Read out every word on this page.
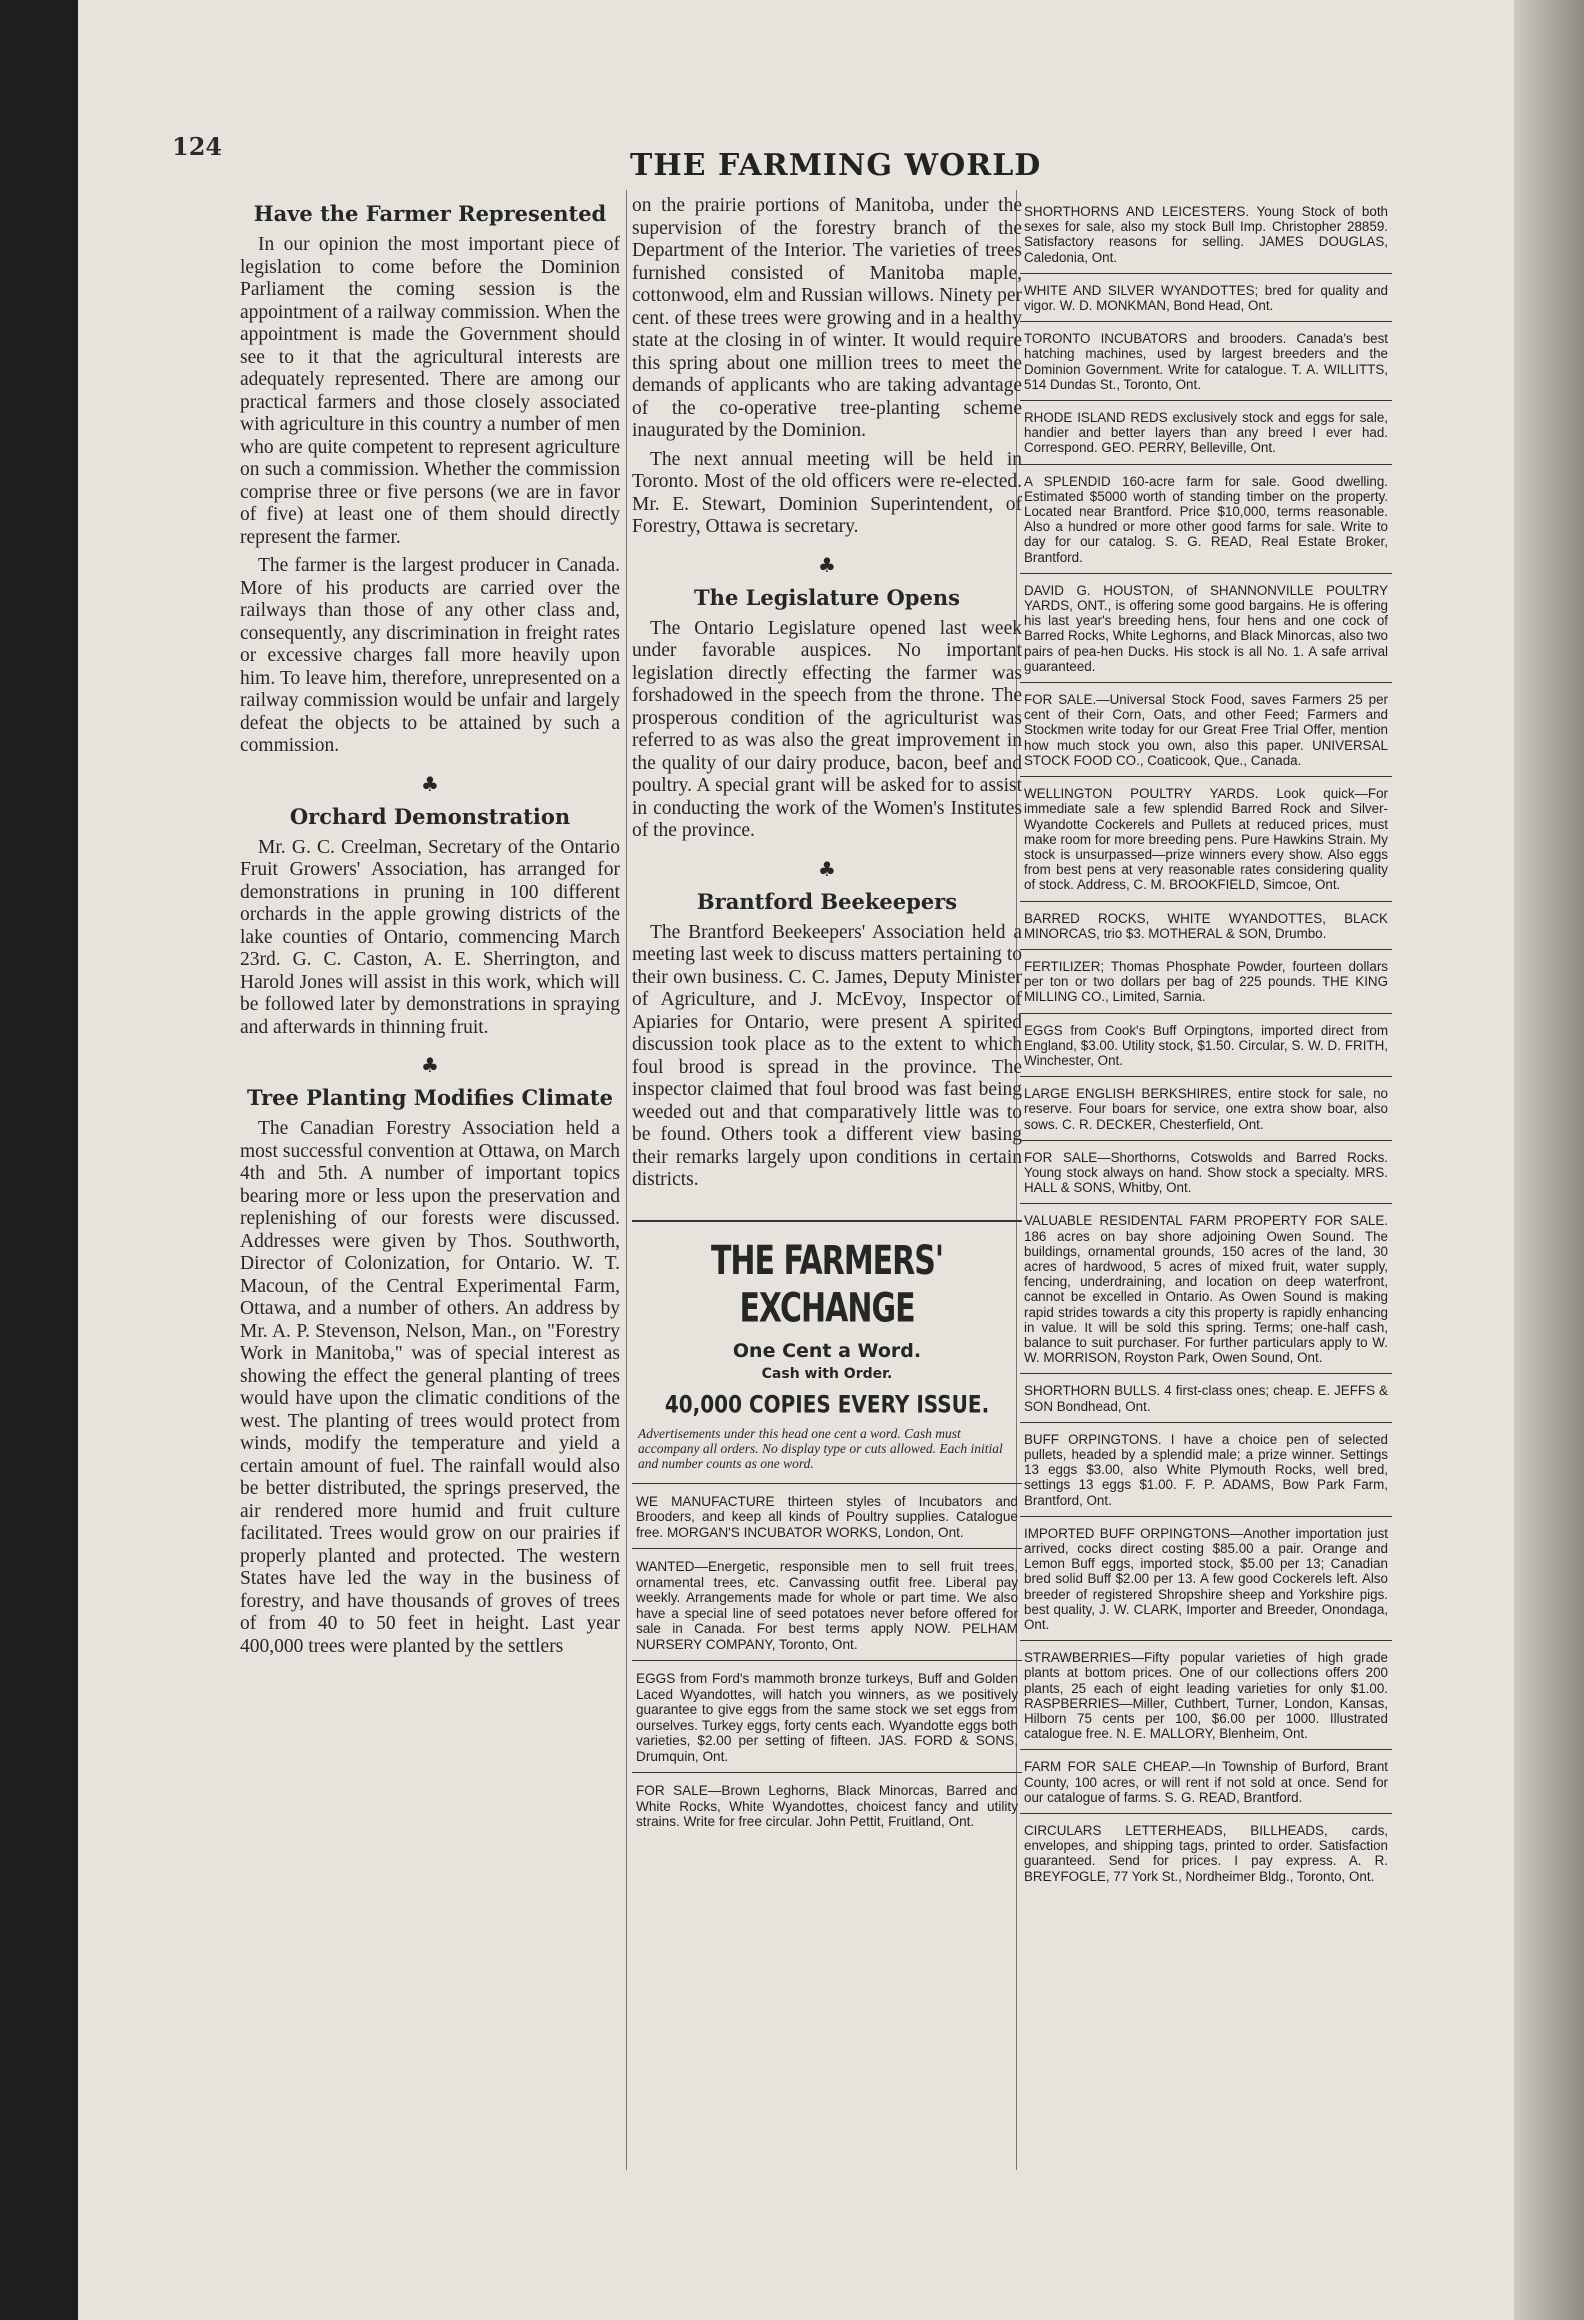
124
THE FARMING WORLD
Have the Farmer Represented

In our opinion the most important piece of legislation to come before the Dominion Parliament the coming session is the appointment of a railway commission. When the appointment is made the Government should see to it that the agricultural interests are adequately represented. There are among our practical farmers and those closely associated with agriculture in this country a number of men who are quite competent to represent agriculture on such a commission. Whether the commission comprise three or five persons (we are in favor of five) at least one of them should directly represent the farmer.

The farmer is the largest producer in Canada. More of his products are carried over the railways than those of any other class and, consequently, any discrimination in freight rates or excessive charges fall more heavily upon him. To leave him, therefore, unrepresented on a railway commission would be unfair and largely defeat the objects to be attained by such a commission.

♣
Orchard Demonstration

Mr. G. C. Creelman, Secretary of the Ontario Fruit Growers' Association, has arranged for demonstrations in pruning in 100 different orchards in the apple growing districts of the lake counties of Ontario, commencing March 23rd. G. C. Caston, A. E. Sherrington, and Harold Jones will assist in this work, which will be followed later by demonstrations in spraying and afterwards in thinning fruit.

♣
Tree Planting Modifies Climate

The Canadian Forestry Association held a most successful convention at Ottawa, on March 4th and 5th. A number of important topics bearing more or less upon the preservation and replenishing of our forests were discussed. Addresses were given by Thos. Southworth, Director of Colonization, for Ontario. W. T. Macoun, of the Central Experimental Farm, Ottawa, and a number of others. An address by Mr. A. P. Stevenson, Nelson, Man., on "Forestry Work in Manitoba," was of special interest as showing the effect the general planting of trees would have upon the climatic conditions of the west. The planting of trees would protect from winds, modify the temperature and yield a certain amount of fuel. The rainfall would also be better distributed, the springs preserved, the air rendered more humid and fruit culture facilitated. Trees would grow on our prairies if properly planted and protected. The western States have led the way in the business of forestry, and have thousands of groves of trees of from 40 to 50 feet in height. Last year 400,000 trees were planted by the settlers

on the prairie portions of Manitoba, under the supervision of the forestry branch of the Department of the Interior. The varieties of trees furnished consisted of Manitoba maple, cottonwood, elm and Russian willows. Ninety per cent. of these trees were growing and in a healthy state at the closing in of winter. It would require this spring about one million trees to meet the demands of applicants who are taking advantage of the co-operative tree-planting scheme inaugurated by the Dominion.

The next annual meeting will be held in Toronto. Most of the old officers were re-elected. Mr. E. Stewart, Dominion Superintendent, of Forestry, Ottawa is secretary.

♣
The Legislature Opens

The Ontario Legislature opened last week under favorable auspices. No important legislation directly effecting the farmer was forshadowed in the speech from the throne. The prosperous condition of the agriculturist was referred to as was also the great improvement in the quality of our dairy produce, bacon, beef and poultry. A special grant will be asked for to assist in conducting the work of the Women's Institutes of the province.

♣
Brantford Beekeepers

The Brantford Beekeepers' Association held a meeting last week to discuss matters pertaining to their own business. C. C. James, Deputy Minister of Agriculture, and J. McEvoy, Inspector of Apiaries for Ontario, were present A spirited discussion took place as to the extent to which foul brood is spread in the province. The inspector claimed that foul brood was fast being weeded out and that comparatively little was to be found. Others took a different view basing their remarks largely upon conditions in certain districts.

THE FARMERS' EXCHANGE
One Cent a Word.
Cash with Order.
40,000 COPIES EVERY ISSUE.
Advertisements under this head one cent a word. Cash must accompany all orders. No display type or cuts allowed. Each initial and number counts as one word.
WE MANUFACTURE thirteen styles of Incubators and Brooders, and keep all kinds of Poultry supplies. Catalogue free. MORGAN'S INCUBATOR WORKS, London, Ont.
WANTED—Energetic, responsible men to sell fruit trees, ornamental trees, etc. Canvassing outfit free. Liberal pay weekly. Arrangements made for whole or part time. We also have a special line of seed potatoes never before offered for sale in Canada. For best terms apply NOW. PELHAM NURSERY COMPANY, Toronto, Ont.
EGGS from Ford's mammoth bronze turkeys, Buff and Golden Laced Wyandottes, will hatch you winners, as we positively guarantee to give eggs from the same stock we set eggs from ourselves. Turkey eggs, forty cents each. Wyandotte eggs both varieties, $2.00 per setting of fifteen. JAS. FORD & SONS, Drumquin, Ont.
FOR SALE—Brown Leghorns, Black Minorcas, Barred and White Rocks, White Wyandottes, choicest fancy and utility strains. Write for free circular. John Pettit, Fruitland, Ont.
SHORTHORNS AND LEICESTERS. Young Stock of both sexes for sale, also my stock Bull Imp. Christopher 28859. Satisfactory reasons for selling. JAMES DOUGLAS, Caledonia, Ont.
WHITE AND SILVER WYANDOTTES; bred for quality and vigor. W. D. MONKMAN, Bond Head, Ont.
TORONTO INCUBATORS and brooders. Canada's best hatching machines, used by largest breeders and the Dominion Government. Write for catalogue. T. A. WILLITTS, 514 Dundas St., Toronto, Ont.
RHODE ISLAND REDS exclusively stock and eggs for sale, handier and better layers than any breed I ever had. Correspond. GEO. PERRY, Belleville, Ont.
A SPLENDID 160-acre farm for sale. Good dwelling. Estimated $5000 worth of standing timber on the property. Located near Brantford. Price $10,000, terms reasonable. Also a hundred or more other good farms for sale. Write to day for our catalog. S. G. READ, Real Estate Broker, Brantford.
DAVID G. HOUSTON, of SHANNONVILLE POULTRY YARDS, ONT., is offering some good bargains. He is offering his last year's breeding hens, four hens and one cock of Barred Rocks, White Leghorns, and Black Minorcas, also two pairs of pea-hen Ducks. His stock is all No. 1. A safe arrival guaranteed.
FOR SALE.—Universal Stock Food, saves Farmers 25 per cent of their Corn, Oats, and other Feed; Farmers and Stockmen write today for our Great Free Trial Offer, mention how much stock you own, also this paper. UNIVERSAL STOCK FOOD CO., Coaticook, Que., Canada.
WELLINGTON POULTRY YARDS. Look quick—For immediate sale a few splendid Barred Rock and Silver-Wyandotte Cockerels and Pullets at reduced prices, must make room for more breeding pens. Pure Hawkins Strain. My stock is unsurpassed—prize winners every show. Also eggs from best pens at very reasonable rates considering quality of stock. Address, C. M. BROOKFIELD, Simcoe, Ont.
BARRED ROCKS, WHITE WYANDOTTES, BLACK MINORCAS, trio $3. MOTHERAL & SON, Drumbo.
FERTILIZER; Thomas Phosphate Powder, fourteen dollars per ton or two dollars per bag of 225 pounds. THE KING MILLING CO., Limited, Sarnia.
EGGS from Cook's Buff Orpingtons, imported direct from England, $3.00. Utility stock, $1.50. Circular, S. W. D. FRITH, Winchester, Ont.
LARGE ENGLISH BERKSHIRES, entire stock for sale, no reserve. Four boars for service, one extra show boar, also sows. C. R. DECKER, Chesterfield, Ont.
FOR SALE—Shorthorns, Cotswolds and Barred Rocks. Young stock always on hand. Show stock a specialty. MRS. HALL & SONS, Whitby, Ont.
VALUABLE RESIDENTAL FARM PROPERTY FOR SALE. 186 acres on bay shore adjoining Owen Sound. The buildings, ornamental grounds, 150 acres of the land, 30 acres of hardwood, 5 acres of mixed fruit, water supply, fencing, underdraining, and location on deep waterfront, cannot be excelled in Ontario. As Owen Sound is making rapid strides towards a city this property is rapidly enhancing in value. It will be sold this spring. Terms; one-half cash, balance to suit purchaser. For further particulars apply to W. W. MORRISON, Royston Park, Owen Sound, Ont.
SHORTHORN BULLS. 4 first-class ones; cheap. E. JEFFS & SON Bondhead, Ont.
BUFF ORPINGTONS. I have a choice pen of selected pullets, headed by a splendid male; a prize winner. Settings 13 eggs $3.00, also White Plymouth Rocks, well bred, settings 13 eggs $1.00. F. P. ADAMS, Bow Park Farm, Brantford, Ont.
IMPORTED BUFF ORPINGTONS—Another importation just arrived, cocks direct costing $85.00 a pair. Orange and Lemon Buff eggs, imported stock, $5.00 per 13; Canadian bred solid Buff $2.00 per 13. A few good Cockerels left. Also breeder of registered Shropshire sheep and Yorkshire pigs. best quality, J. W. CLARK, Importer and Breeder, Onondaga, Ont.
STRAWBERRIES—Fifty popular varieties of high grade plants at bottom prices. One of our collections offers 200 plants, 25 each of eight leading varieties for only $1.00. RASPBERRIES—Miller, Cuthbert, Turner, London, Kansas, Hilborn 75 cents per 100, $6.00 per 1000. Illustrated catalogue free. N. E. MALLORY, Blenheim, Ont.
FARM FOR SALE CHEAP.—In Township of Burford, Brant County, 100 acres, or will rent if not sold at once. Send for our catalogue of farms. S. G. READ, Brantford.
CIRCULARS LETTERHEADS, BILLHEADS, cards, envelopes, and shipping tags, printed to order. Satisfaction guaranteed. Send for prices. I pay express. A. R. BREYFOGLE, 77 York St., Nordheimer Bldg., Toronto, Ont.
